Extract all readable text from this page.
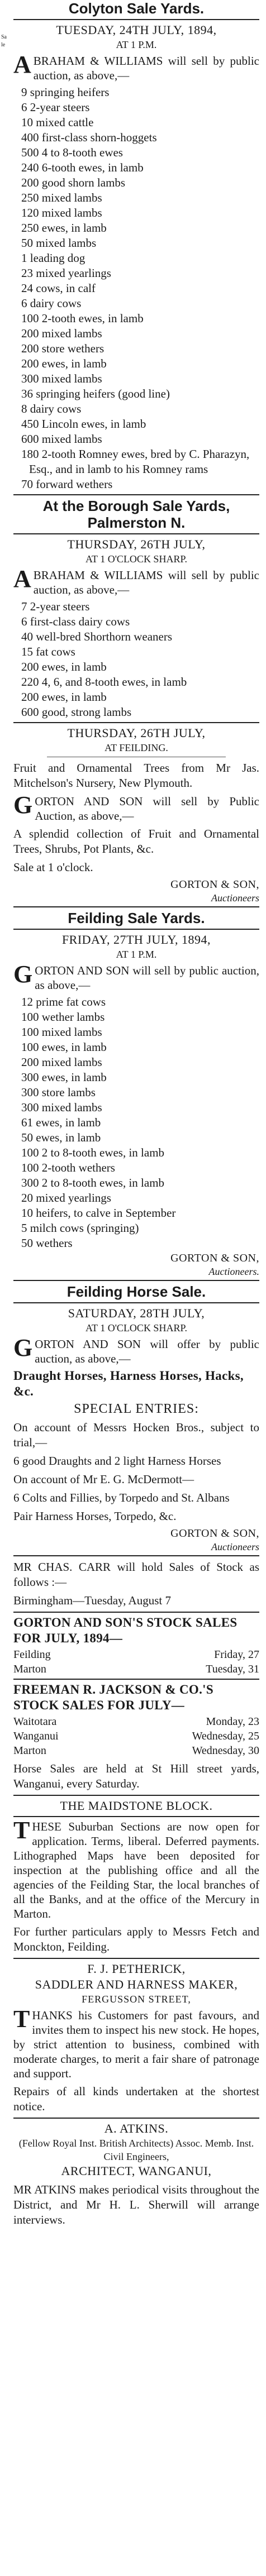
Sale
Colyton Sale Yards.

TUESDAY, 24TH JULY, 1894,

AT 1 P.M.

ABRAHAM & WILLIAMS will sell by public auction, as above,—

9 springing heifers
6 2-year steers
10 mixed cattle
400 first-class shorn-hoggets
500 4 to 8-tooth ewes
240 6-tooth ewes, in lamb
200 good shorn lambs
250 mixed lambs
120 mixed lambs
250 ewes, in lamb
50 mixed lambs
1 leading dog
23 mixed yearlings
24 cows, in calf
6 dairy cows
100 2-tooth ewes, in lamb
200 mixed lambs
200 store wethers
200 ewes, in lamb
300 mixed lambs
36 springing heifers (good line)
8 dairy cows
450 Lincoln ewes, in lamb
600 mixed lambs
180 2-tooth Romney ewes, bred by C. Pharazyn, Esq., and in lamb to his Romney rams
70 forward wethers
At the Borough Sale Yards, Palmerston N.

THURSDAY, 26TH JULY,

AT 1 O'CLOCK SHARP.

ABRAHAM & WILLIAMS will sell by public auction, as above,—

7 2-year steers
6 first-class dairy cows
40 well-bred Shorthorn weaners
15 fat cows
200 ewes, in lamb
220 4, 6, and 8-tooth ewes, in lamb
200 ewes, in lamb
600 good, strong lambs

THURSDAY, 26TH JULY,

AT FEILDING.

Fruit and Ornamental Trees from Mr Jas. Mitchelson's Nursery, New Plymouth.

GORTON AND SON will sell by Public Auction, as above,—

A splendid collection of Fruit and Ornamental Trees, Shrubs, Pot Plants, &c.

Sale at 1 o'clock.

GORTON & SON,

Auctioneers

Feilding Sale Yards.

FRIDAY, 27TH JULY, 1894,

AT 1 P.M.

GORTON AND SON will sell by public auction, as above,—

12 prime fat cows
100 wether lambs
100 mixed lambs
100 ewes, in lamb
200 mixed lambs
300 ewes, in lamb
300 store lambs
300 mixed lambs
61 ewes, in lamb
50 ewes, in lamb
100 2 to 8-tooth ewes, in lamb
100 2-tooth wethers
300 2 to 8-tooth ewes, in lamb
20 mixed yearlings
10 heifers, to calve in September
5 milch cows (springing)
50 wethers

GORTON & SON,

Auctioneers.

Feilding Horse Sale.

SATURDAY, 28TH JULY,

AT 1 O'CLOCK SHARP.

GORTON AND SON will offer by public auction, as above,—

Draught Horses, Harness Horses, Hacks, &c.

SPECIAL ENTRIES:

On account of Messrs Hocken Bros., subject to trial,—

6 good Draughts and 2 light Harness Horses

On account of Mr E. G. McDermott—

6 Colts and Fillies, by Torpedo and St. Albans

Pair Harness Horses, Torpedo, &c.

GORTON & SON,

Auctioneers

MR CHAS. CARR will hold Sales of Stock as follows :—

Birmingham—Tuesday, August 7

GORTON AND SON'S STOCK SALES FOR JULY, 1894—

Feilding	Friday, 27
Marton	Tuesday, 31

FREEMAN R. JACKSON & CO.'S STOCK SALES FOR JULY—

Waitotara	Monday, 23
Wanganui	Wednesday, 25
Marton	Wednesday, 30

Horse Sales are held at St Hill street yards, Wanganui, every Saturday.

THE MAIDSTONE BLOCK.

THESE Suburban Sections are now open for application. Terms, liberal. Deferred payments. Lithographed Maps have been deposited for inspection at the publishing office and all the agencies of the Feilding Star, the local branches of all the Banks, and at the office of the Mercury in Marton.

For further particulars apply to Messrs Fetch and Monckton, Feilding.

F. J. PETHERICK,

SADDLER AND HARNESS MAKER,

FERGUSSON STREET,

THANKS his Customers for past favours, and invites them to inspect his new stock. He hopes, by strict attention to business, combined with moderate charges, to merit a fair share of patronage and support.

Repairs of all kinds undertaken at the shortest notice.

A. ATKINS.

(Fellow Royal Inst. British Architects) Assoc. Memb. Inst. Civil Engineers,

ARCHITECT, WANGANUI,

MR ATKINS makes periodical visits throughout the District, and Mr H. L. Sherwill will arrange interviews.
